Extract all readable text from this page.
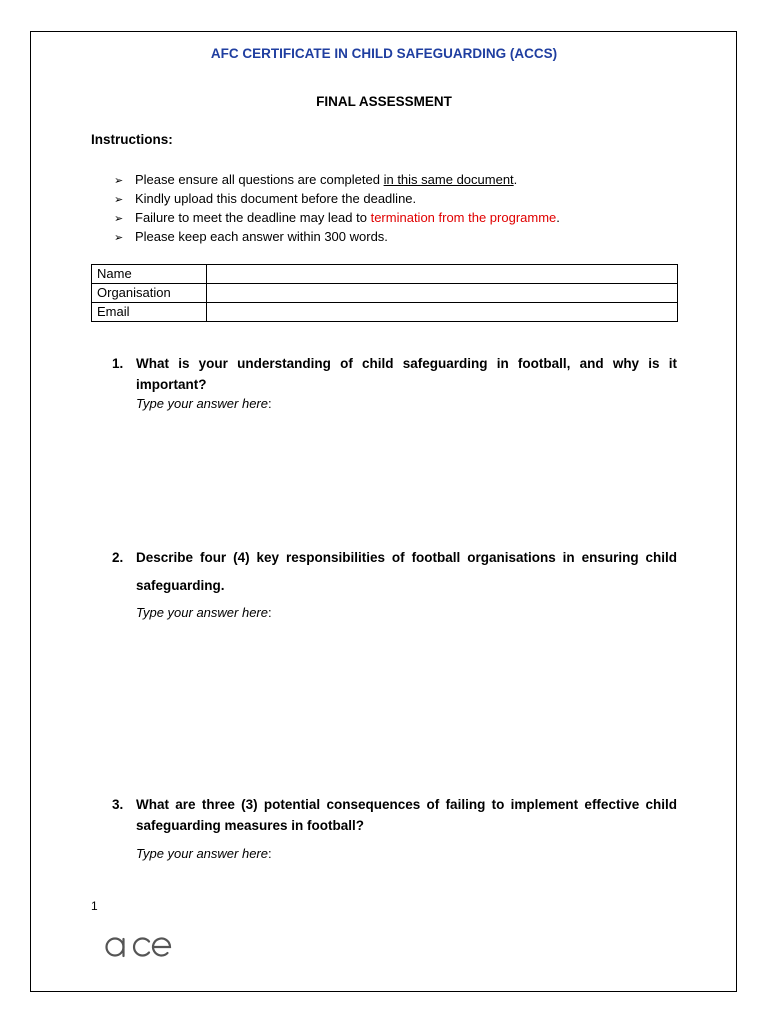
AFC CERTIFICATE IN CHILD SAFEGUARDING (ACCS)
FINAL ASSESSMENT
Instructions:
➢ Please ensure all questions are completed in this same document.
➢ Kindly upload this document before the deadline.
➢ Failure to meet the deadline may lead to termination from the programme.
➢ Please keep each answer within 300 words.
Name	
Organisation	
Email	
1. What is your understanding of child safeguarding in football, and why is it important?
Type your answer here:
2. Describe four (4) key responsibilities of football organisations in ensuring child safeguarding.
Type your answer here:
3. What are three (3) potential consequences of failing to implement effective child safeguarding measures in football?
Type your answer here:
1
